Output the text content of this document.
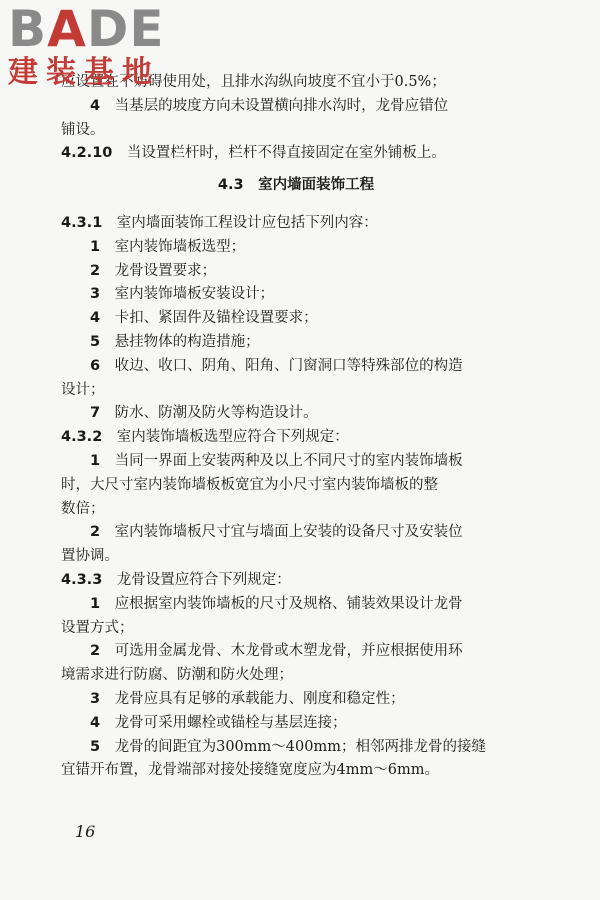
BADE
建装基地

应设置在不妨碍使用处，且排水沟纵向坡度不宜小于0.5%；

4　 当基层的坡度方向未设置横向排水沟时，龙骨应错位

铺设。

4.2.10　 当设置栏杆时，栏杆不得直接固定在室外铺板上。

4.3　 室内墙面装饰工程

4.3.1　 室内墙面装饰工程设计应包括下列内容：

1　 室内装饰墙板选型；

2　 龙骨设置要求；

3　 室内装饰墙板安装设计；

4　 卡扣、紧固件及锚栓设置要求；

5　 悬挂物体的构造措施；

6　 收边、收口、阴角、阳角、门窗洞口等特殊部位的构造

设计；

7　 防水、防潮及防火等构造设计。

4.3.2　 室内装饰墙板选型应符合下列规定：

1　 当同一界面上安装两种及以上不同尺寸的室内装饰墙板

时，大尺寸室内装饰墙板板宽宜为小尺寸室内装饰墙板的整

数倍；

2　 室内装饰墙板尺寸宜与墙面上安装的设备尺寸及安装位

置协调。

4.3.3　 龙骨设置应符合下列规定：

1　 应根据室内装饰墙板的尺寸及规格、铺装效果设计龙骨

设置方式；

2　 可选用金属龙骨、木龙骨或木塑龙骨，并应根据使用环

境需求进行防腐、防潮和防火处理；

3　 龙骨应具有足够的承载能力、刚度和稳定性；

4　 龙骨可采用螺栓或锚栓与基层连接；

5　 龙骨的间距宜为300mm～400mm；相邻两排龙骨的接缝

宜错开布置，龙骨端部对接处接缝宽度应为4mm～6mm。

16
